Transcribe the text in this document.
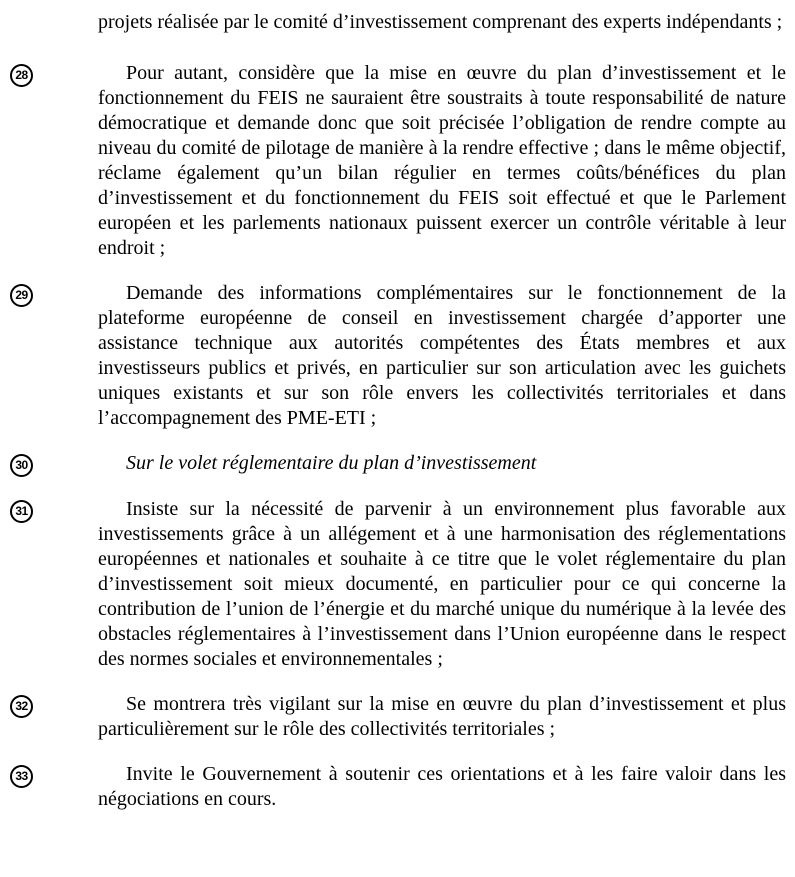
projets réalisée par le comité d’investissement comprenant des experts indépendants ;

28	Pour autant, considère que la mise en œuvre du plan d’investissement et le fonctionnement du FEIS ne sauraient être soustraits à toute responsabilité de nature démocratique et demande donc que soit précisée l’obligation de rendre compte au niveau du comité de pilotage de manière à la rendre effective ; dans le même objectif, réclame également qu’un bilan régulier en termes coûts/bénéfices du plan d’investissement et du fonctionnement du FEIS soit effectué et que le Parlement européen et les parlements nationaux puissent exercer un contrôle véritable à leur endroit ;

29	Demande des informations complémentaires sur le fonctionnement de la plateforme européenne de conseil en investissement chargée d’apporter une assistance technique aux autorités compétentes des États membres et aux investisseurs publics et privés, en particulier sur son articulation avec les guichets uniques existants et sur son rôle envers les collectivités territoriales et dans l’accompagnement des PME-ETI ;

30	Sur le volet réglementaire du plan d’investissement

31	Insiste sur la nécessité de parvenir à un environnement plus favorable aux investissements grâce à un allégement et à une harmonisation des réglementations européennes et nationales et souhaite à ce titre que le volet réglementaire du plan d’investissement soit mieux documenté, en particulier pour ce qui concerne la contribution de l’union de l’énergie et du marché unique du numérique à la levée des obstacles réglementaires à l’investissement dans l’Union européenne dans le respect des normes sociales et environnementales ;

32	Se montrera très vigilant sur la mise en œuvre du plan d’investissement et plus particulièrement sur le rôle des collectivités territoriales ;

33	Invite le Gouvernement à soutenir ces orientations et à les faire valoir dans les négociations en cours.
